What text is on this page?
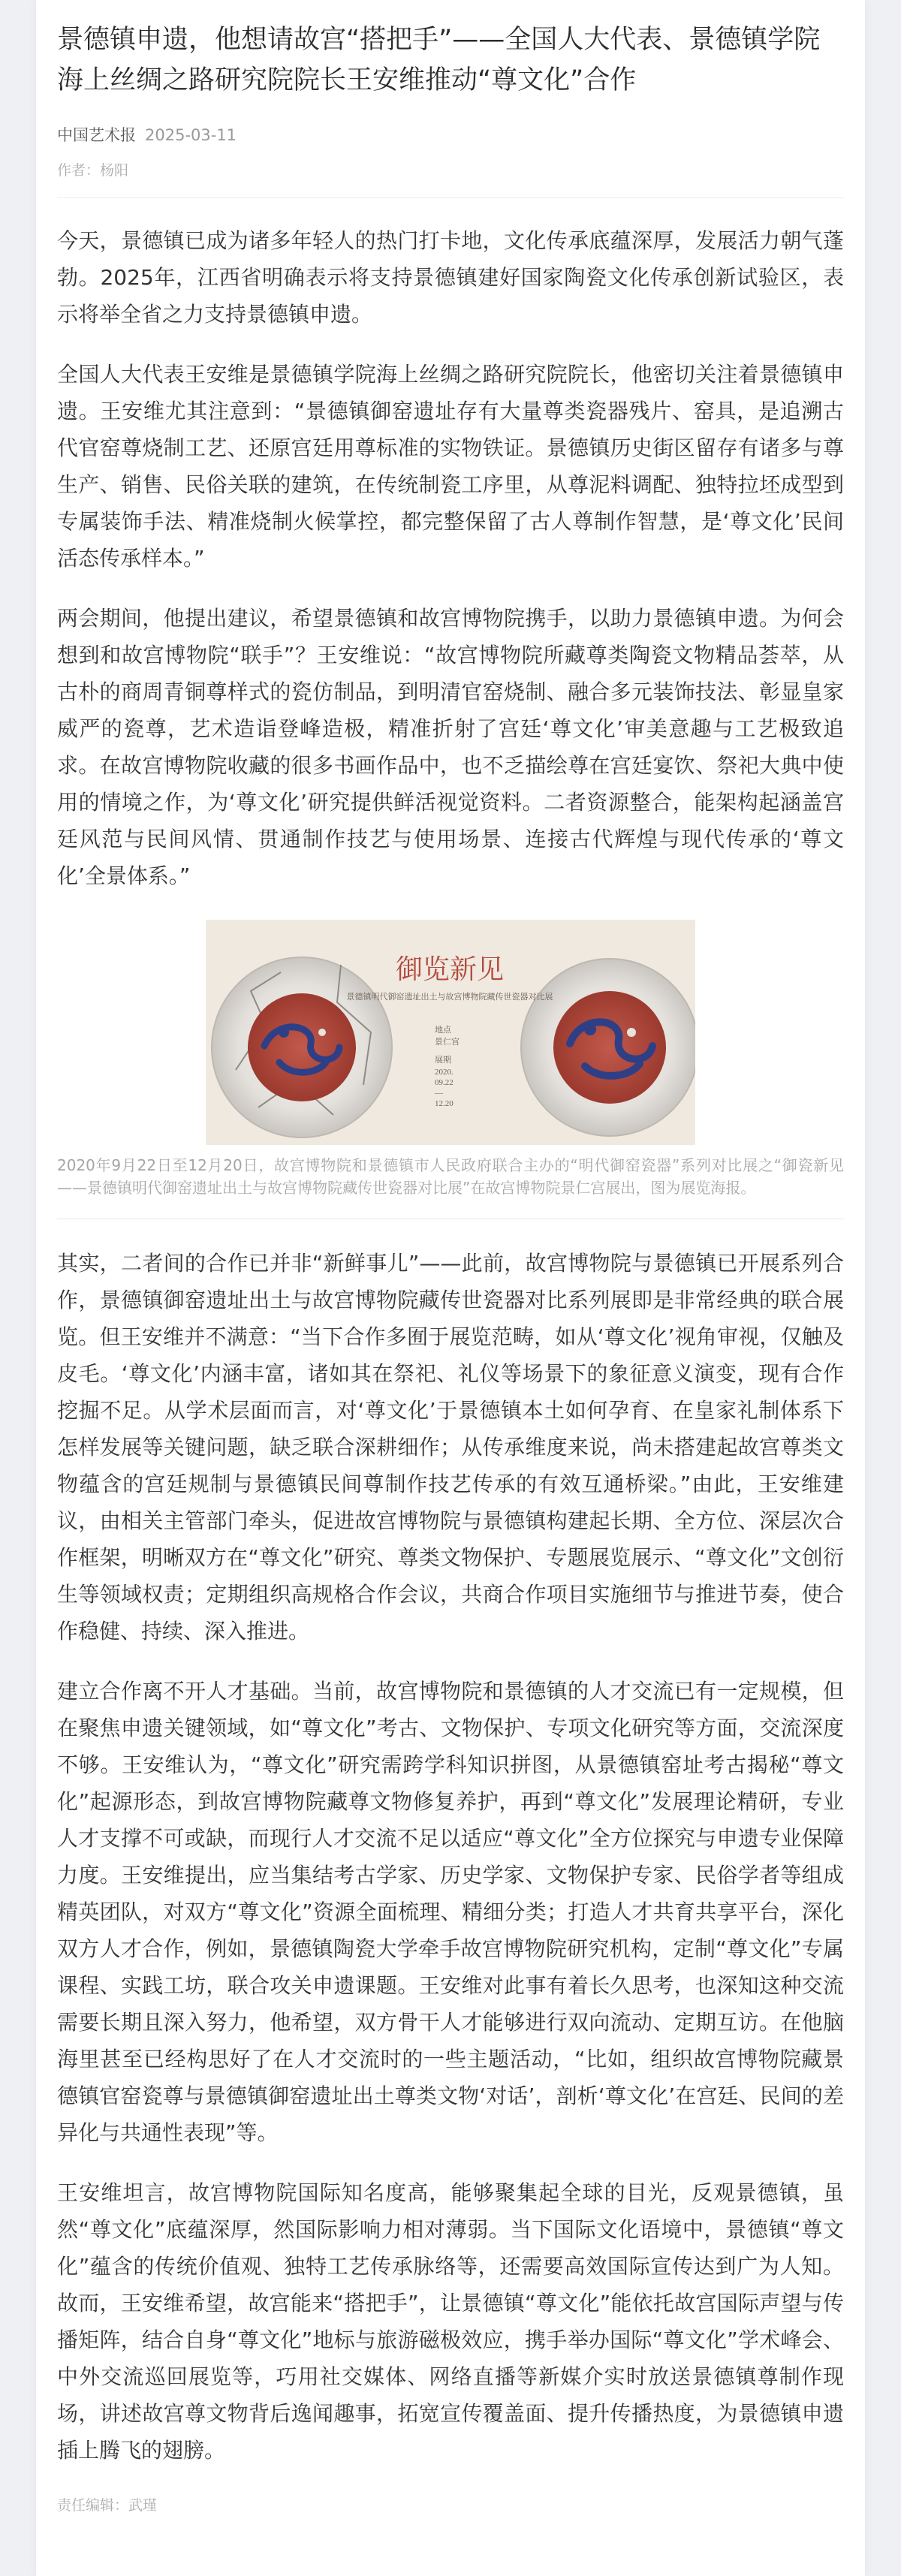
景德镇申遗，他想请故宫“搭把手”——全国人大代表、景德镇学院海上丝绸之路研究院院长王安维推动“尊文化”合作
中国艺术报 2025-03-11
作者：杨阳

今天，景德镇已成为诸多年轻人的热门打卡地，文化传承底蕴深厚，发展活力朝气蓬勃。2025年，江西省明确表示将支持景德镇建好国家陶瓷文化传承创新试验区，表示将举全省之力支持景德镇申遗。

全国人大代表王安维是景德镇学院海上丝绸之路研究院院长，他密切关注着景德镇申遗。王安维尤其注意到：“景德镇御窑遗址存有大量尊类瓷器残片、窑具，是追溯古代官窑尊烧制工艺、还原宫廷用尊标准的实物铁证。景德镇历史街区留存有诸多与尊生产、销售、民俗关联的建筑，在传统制瓷工序里，从尊泥料调配、独特拉坯成型到专属装饰手法、精准烧制火候掌控，都完整保留了古人尊制作智慧，是‘尊文化’民间活态传承样本。”

两会期间，他提出建议，希望景德镇和故宫博物院携手，以助力景德镇申遗。为何会想到和故宫博物院“联手”？王安维说：“故宫博物院所藏尊类陶瓷文物精品荟萃，从古朴的商周青铜尊样式的瓷仿制品，到明清官窑烧制、融合多元装饰技法、彰显皇家威严的瓷尊，艺术造诣登峰造极，精准折射了宫廷‘尊文化’审美意趣与工艺极致追求。在故宫博物院收藏的很多书画作品中，也不乏描绘尊在宫廷宴饮、祭祀大典中使用的情境之作，为‘尊文化’研究提供鲜活视觉资料。二者资源整合，能架构起涵盖宫廷风范与民间风情、贯通制作技艺与使用场景、连接古代辉煌与现代传承的‘尊文化’全景体系。”

御览新见
景德镇明代御窑遗址出土与故宫博物院藏传世瓷器对比展
地点
景仁宫
展期
2020.
09.22
—
12.20
2020年9月22日至12月20日，故宫博物院和景德镇市人民政府联合主办的“明代御窑瓷器”系列对比展之“御瓷新见——景德镇明代御窑遗址出土与故宫博物院藏传世瓷器对比展”在故宫博物院景仁宫展出，图为展览海报。

其实，二者间的合作已并非“新鲜事儿”——此前，故宫博物院与景德镇已开展系列合作，景德镇御窑遗址出土与故宫博物院藏传世瓷器对比系列展即是非常经典的联合展览。但王安维并不满意：“当下合作多囿于展览范畴，如从‘尊文化’视角审视，仅触及皮毛。‘尊文化’内涵丰富，诸如其在祭祀、礼仪等场景下的象征意义演变，现有合作挖掘不足。从学术层面而言，对‘尊文化’于景德镇本土如何孕育、在皇家礼制体系下怎样发展等关键问题，缺乏联合深耕细作；从传承维度来说，尚未搭建起故宫尊类文物蕴含的宫廷规制与景德镇民间尊制作技艺传承的有效互通桥梁。”由此，王安维建议，由相关主管部门牵头，促进故宫博物院与景德镇构建起长期、全方位、深层次合作框架，明晰双方在“尊文化”研究、尊类文物保护、专题展览展示、“尊文化”文创衍生等领域权责；定期组织高规格合作会议，共商合作项目实施细节与推进节奏，使合作稳健、持续、深入推进。

建立合作离不开人才基础。当前，故宫博物院和景德镇的人才交流已有一定规模，但在聚焦申遗关键领域，如“尊文化”考古、文物保护、专项文化研究等方面，交流深度不够。王安维认为，“尊文化”研究需跨学科知识拼图，从景德镇窑址考古揭秘“尊文化”起源形态，到故宫博物院藏尊文物修复养护，再到“尊文化”发展理论精研，专业人才支撑不可或缺，而现行人才交流不足以适应“尊文化”全方位探究与申遗专业保障力度。王安维提出，应当集结考古学家、历史学家、文物保护专家、民俗学者等组成精英团队，对双方“尊文化”资源全面梳理、精细分类；打造人才共育共享平台，深化双方人才合作，例如，景德镇陶瓷大学牵手故宫博物院研究机构，定制“尊文化”专属课程、实践工坊，联合攻关申遗课题。王安维对此事有着长久思考，也深知这种交流需要长期且深入努力，他希望，双方骨干人才能够进行双向流动、定期互访。在他脑海里甚至已经构思好了在人才交流时的一些主题活动，“比如，组织故宫博物院藏景德镇官窑瓷尊与景德镇御窑遗址出土尊类文物‘对话’，剖析‘尊文化’在宫廷、民间的差异化与共通性表现”等。

王安维坦言，故宫博物院国际知名度高，能够聚集起全球的目光，反观景德镇，虽然“尊文化”底蕴深厚，然国际影响力相对薄弱。当下国际文化语境中，景德镇“尊文化”蕴含的传统价值观、独特工艺传承脉络等，还需要高效国际宣传达到广为人知。故而，王安维希望，故宫能来“搭把手”，让景德镇“尊文化”能依托故宫国际声望与传播矩阵，结合自身“尊文化”地标与旅游磁极效应，携手举办国际“尊文化”学术峰会、中外交流巡回展览等，巧用社交媒体、网络直播等新媒介实时放送景德镇尊制作现场，讲述故宫尊文物背后逸闻趣事，拓宽宣传覆盖面、提升传播热度，为景德镇申遗插上腾飞的翅膀。

责任编辑：武瑾
